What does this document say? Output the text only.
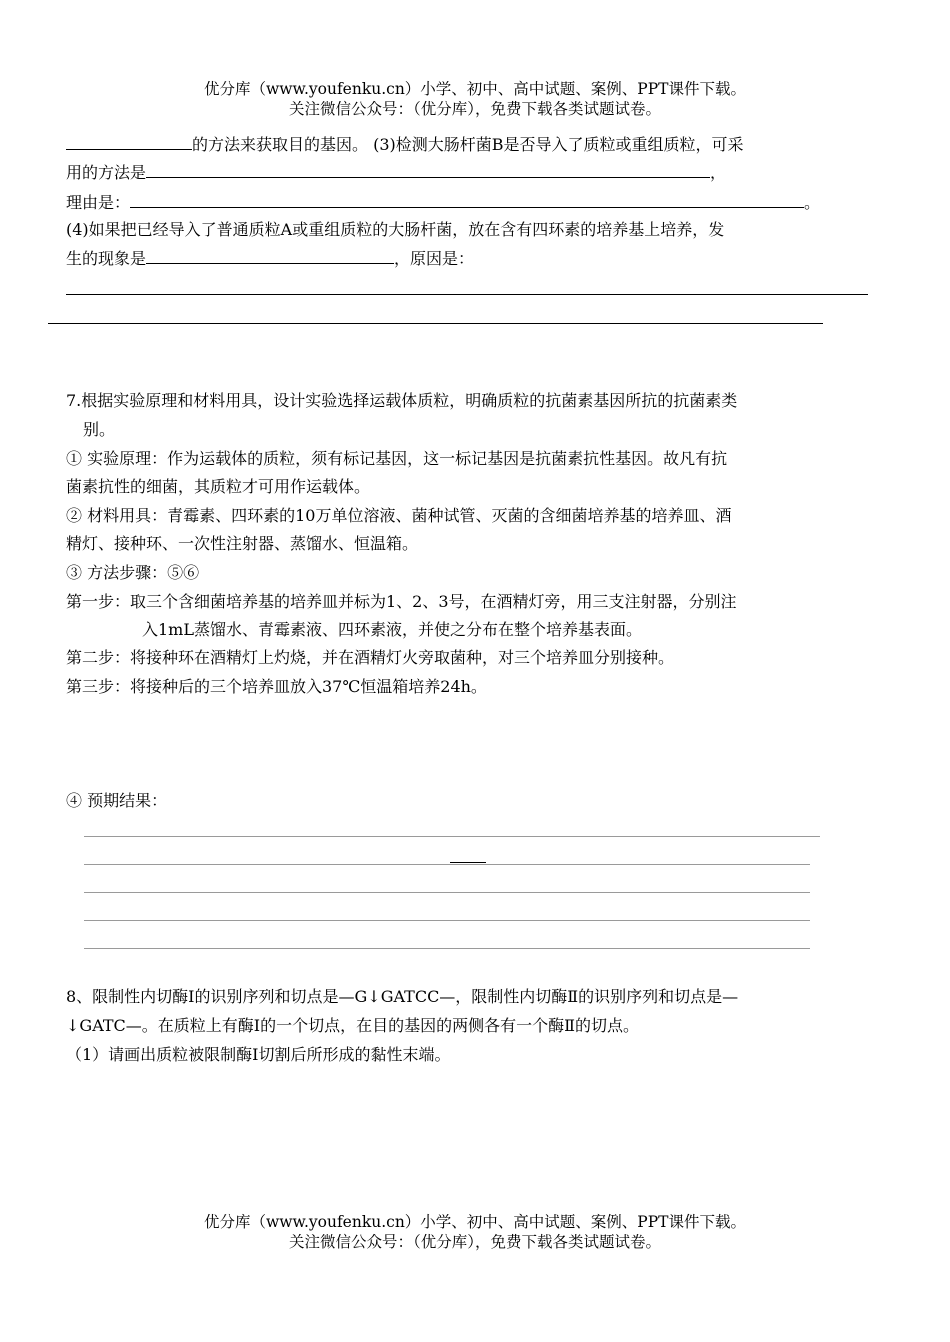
优分库（www.youfenku.cn）小学、初中、高中试题、案例、PPT课件下载。
关注微信公众号：（优分库），免费下载各类试题试卷。
的方法来获取目的基因。 (3)检测大肠杆菌B是否导入了质粒或重组质粒，可采
用的方法是	，
理由是：	。
(4)如果把已经导入了普通质粒A或重组质粒的大肠杆菌，放在含有四环素的培养基上培养，发
生的现象是	，原因是：
7.根据实验原理和材料用具，设计实验选择运载体质粒，明确质粒的抗菌素基因所抗的抗菌素类
别。
① 实验原理：作为运载体的质粒，须有标记基因，这一标记基因是抗菌素抗性基因。故凡有抗
菌素抗性的细菌，其质粒才可用作运载体。
② 材料用具：青霉素、四环素的10万单位溶液、菌种试管、灭菌的含细菌培养基的培养皿、酒
精灯、接种环、一次性注射器、蒸馏水、恒温箱。
③ 方法步骤：⑤⑥
第一步：取三个含细菌培养基的培养皿并标为1、2、3号，在酒精灯旁，用三支注射器，分别注
入1mL蒸馏水、青霉素液、四环素液，并使之分布在整个培养基表面。
第二步：将接种环在酒精灯上灼烧，并在酒精灯火旁取菌种，对三个培养皿分别接种。
第三步：将接种后的三个培养皿放入37℃恒温箱培养24h。
④ 预期结果：
8、限制性内切酶Ⅰ的识别序列和切点是—G↓GATCC—，限制性内切酶Ⅱ的识别序列和切点是—
↓GATC—。在质粒上有酶Ⅰ的一个切点，在目的基因的两侧各有一个酶Ⅱ的切点。
（1）请画出质粒被限制酶Ⅰ切割后所形成的黏性末端。
优分库（www.youfenku.cn）小学、初中、高中试题、案例、PPT课件下载。
关注微信公众号：（优分库），免费下载各类试题试卷。
